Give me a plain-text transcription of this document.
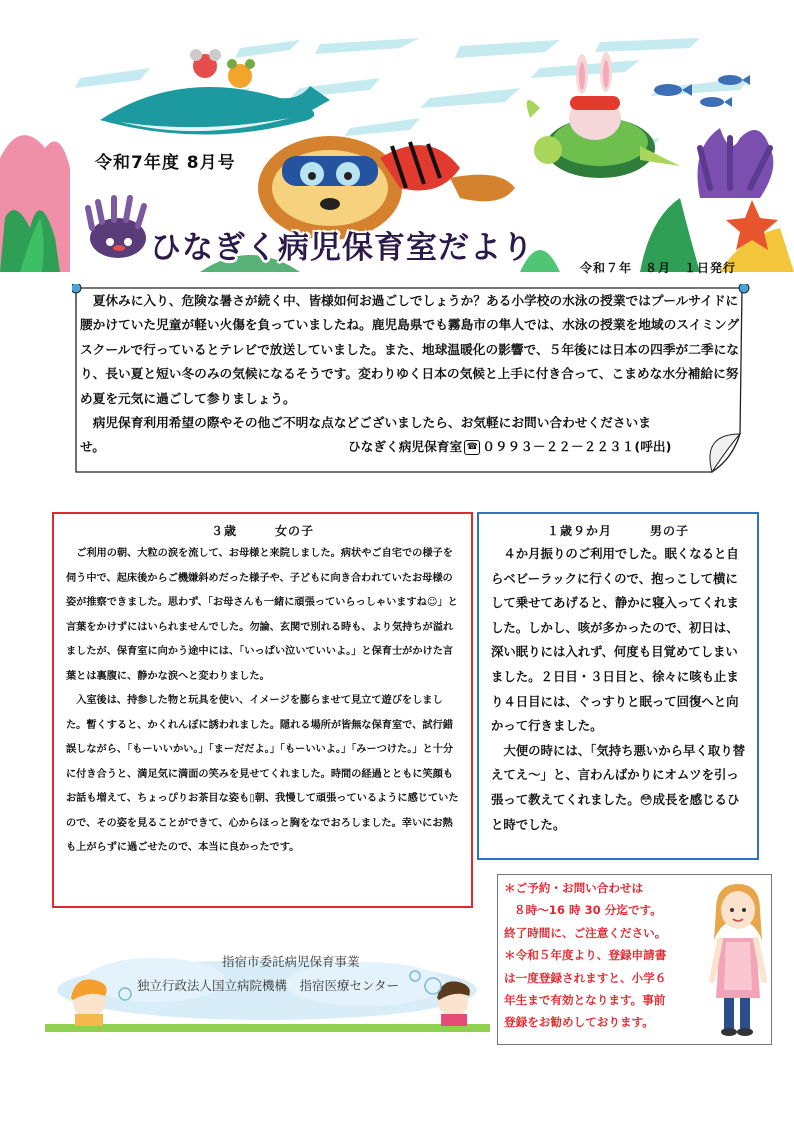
令和7年度 8月号
ひなぎく病児保育室だより
令和７年　８月　１日発行

夏休みに入り、危険な暑さが続く中、皆様如何お過ごしでしょうか？ある小学校の水泳の授業ではプールサイドに腰かけていた児童が軽い火傷を負っていましたね。鹿児島県でも霧島市の隼人では、水泳の授業を地域のスイミングスクールで行っているとテレビで放送していました。また、地球温暖化の影響で、５年後には日本の四季が二季になり、長い夏と短い冬のみの気候になるそうです。変わりゆく日本の気候と上手に付き合って、こまめな水分補給に努め夏を元気に過ごして参りましょう。

病児保育利用希望の際やその他ご不明な点などございましたら、お気軽にお問い合わせくださいま

せ。	ひなぎく病児保育室 ☎ ０９９３－２２－２２３１(呼出)
３歳	女の子

ご利用の朝、大粒の涙を流して、お母様と来院しました。病状やご自宅での様子を伺う中で、起床後からご機嫌斜めだった様子や、子どもに向き合われていたお母様の姿が推察できました。思わず、「お母さんも一緒に頑張っていらっしゃいますね☺」と言葉をかけずにはいられませんでした。勿論、玄関で別れる時も、より気持ちが溢れましたが、保育室に向かう途中には、「いっぱい泣いていいよ。」と保育士がかけた言葉とは裏腹に、静かな涙へと変わりました。

入室後は、持参した物と玩具を使い、イメージを膨らませて見立て遊びをしました。暫くすると、かくれんぼに誘われました。隠れる場所が皆無な保育室で、試行錯誤しながら、「もーいいかい。」「まーだだよ。」「もーいいよ。」「みーつけた。」と十分に付き合うと、満足気に満面の笑みを見せてくれました。時間の経過とともに笑顔もお話も増えて、ちょっぴりお茶目な姿も▯朝、我慢して頑張っているように感じていたので、その姿を見ることができて、心からほっと胸をなでおろしました。幸いにお熱も上がらずに過ごせたので、本当に良かったです。

１歳９か月	男の子

４か月振りのご利用でした。眠くなると自らベビーラックに行くので、抱っこして横にして乗せてあげると、静かに寝入ってくれました。しかし、咳が多かったので、初日は、深い眠りには入れず、何度も目覚めてしまいました。２日目・３日目と、徐々に咳も止まり４日目には、ぐっすりと眠って回復へと向かって行きました。

大便の時には、「気持ち悪いから早く取り替えてえ～」と、言わんばかりにオムツを引っ張って教えてくれました。😳成長を感じるひと時でした。

＊ご予約・お問い合わせは
８時～16 時 30 分迄です。
終了時間に、ご注意ください。
＊令和５年度より、登録申請書
は一度登録されますと、小学６
年生まで有効となります。事前
登録をお勧めしております。
指宿市委託病児保育事業
独立行政法人国立病院機構　指宿医療センター
